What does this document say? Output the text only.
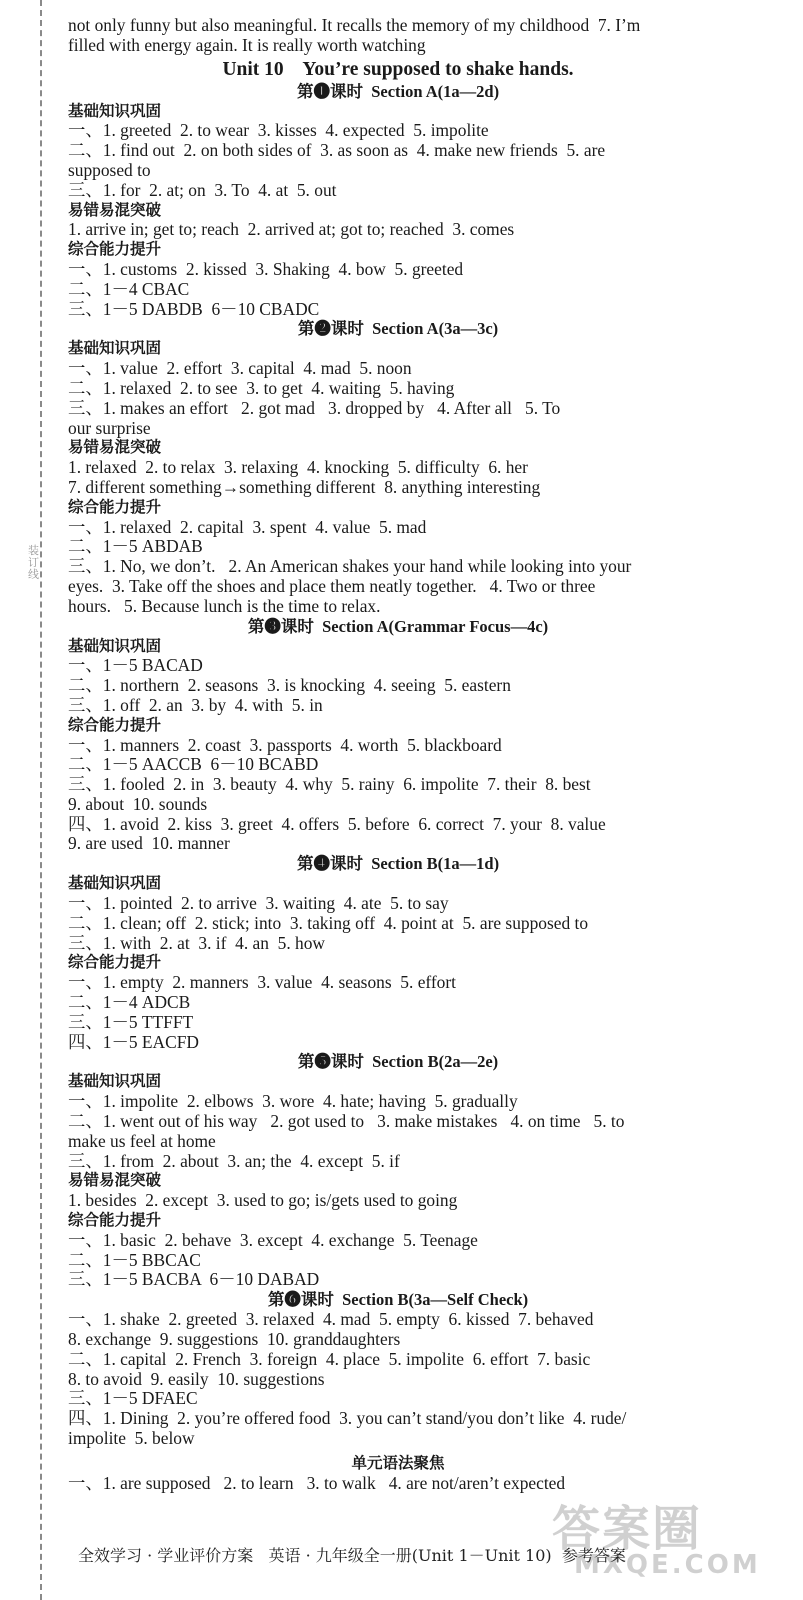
装
订
线
not only funny but also meaningful. It recalls the memory of my childhood  7. I’m
filled with energy again. It is really worth watching
Unit 10    You’re supposed to shake hands.
第❶课时  Section A(1a—2d)
基础知识巩固
一、1. greeted  2. to wear  3. kisses  4. expected  5. impolite
二、1. find out  2. on both sides of  3. as soon as  4. make new friends  5. are
supposed to
三、1. for  2. at; on  3. To  4. at  5. out
易错易混突破
1. arrive in; get to; reach  2. arrived at; got to; reached  3. comes
综合能力提升
一、1. customs  2. kissed  3. Shaking  4. bow  5. greeted
二、1－4 CBAC
三、1－5 DABDB  6－10 CBADC
第❷课时  Section A(3a—3c)
基础知识巩固
一、1. value  2. effort  3. capital  4. mad  5. noon
二、1. relaxed  2. to see  3. to get  4. waiting  5. having
三、1. makes an effort   2. got mad   3. dropped by   4. After all   5. To
our surprise
易错易混突破
1. relaxed  2. to relax  3. relaxing  4. knocking  5. difficulty  6. her
7. different something→something different  8. anything interesting
综合能力提升
一、1. relaxed  2. capital  3. spent  4. value  5. mad
二、1－5 ABDAB
三、1. No, we don’t.   2. An American shakes your hand while looking into your
eyes.  3. Take off the shoes and place them neatly together.   4. Two or three
hours.   5. Because lunch is the time to relax.
第❸课时  Section A(Grammar Focus—4c)
基础知识巩固
一、1－5 BACAD
二、1. northern  2. seasons  3. is knocking  4. seeing  5. eastern
三、1. off  2. an  3. by  4. with  5. in
综合能力提升
一、1. manners  2. coast  3. passports  4. worth  5. blackboard
二、1－5 AACCB  6－10 BCABD
三、1. fooled  2. in  3. beauty  4. why  5. rainy  6. impolite  7. their  8. best
9. about  10. sounds
四、1. avoid  2. kiss  3. greet  4. offers  5. before  6. correct  7. your  8. value
9. are used  10. manner
第❹课时  Section B(1a—1d)
基础知识巩固
一、1. pointed  2. to arrive  3. waiting  4. ate  5. to say
二、1. clean; off  2. stick; into  3. taking off  4. point at  5. are supposed to
三、1. with  2. at  3. if  4. an  5. how
综合能力提升
一、1. empty  2. manners  3. value  4. seasons  5. effort
二、1－4 ADCB
三、1－5 TTFFT
四、1－5 EACFD
第❺课时  Section B(2a—2e)
基础知识巩固
一、1. impolite  2. elbows  3. wore  4. hate; having  5. gradually
二、1. went out of his way   2. got used to   3. make mistakes   4. on time   5. to
make us feel at home
三、1. from  2. about  3. an; the  4. except  5. if
易错易混突破
1. besides  2. except  3. used to go; is/gets used to going
综合能力提升
一、1. basic  2. behave  3. except  4. exchange  5. Teenage
二、1－5 BBCAC
三、1－5 BACBA  6－10 DABAD
第❻课时  Section B(3a—Self Check)
一、1. shake  2. greeted  3. relaxed  4. mad  5. empty  6. kissed  7. behaved
8. exchange  9. suggestions  10. granddaughters
二、1. capital  2. French  3. foreign  4. place  5. impolite  6. effort  7. basic
8. to avoid  9. easily  10. suggestions
三、1－5 DFAEC
四、1. Dining  2. you’re offered food  3. you can’t stand/you don’t like  4. rude/
impolite  5. below
单元语法聚焦
一、1. are supposed   2. to learn   3. to walk   4. are not/aren’t expected
答案圈
MXQE.COM
全效学习 · 学业评价方案   英语 · 九年级全一册(Unit 1－Unit 10)  参考答案
